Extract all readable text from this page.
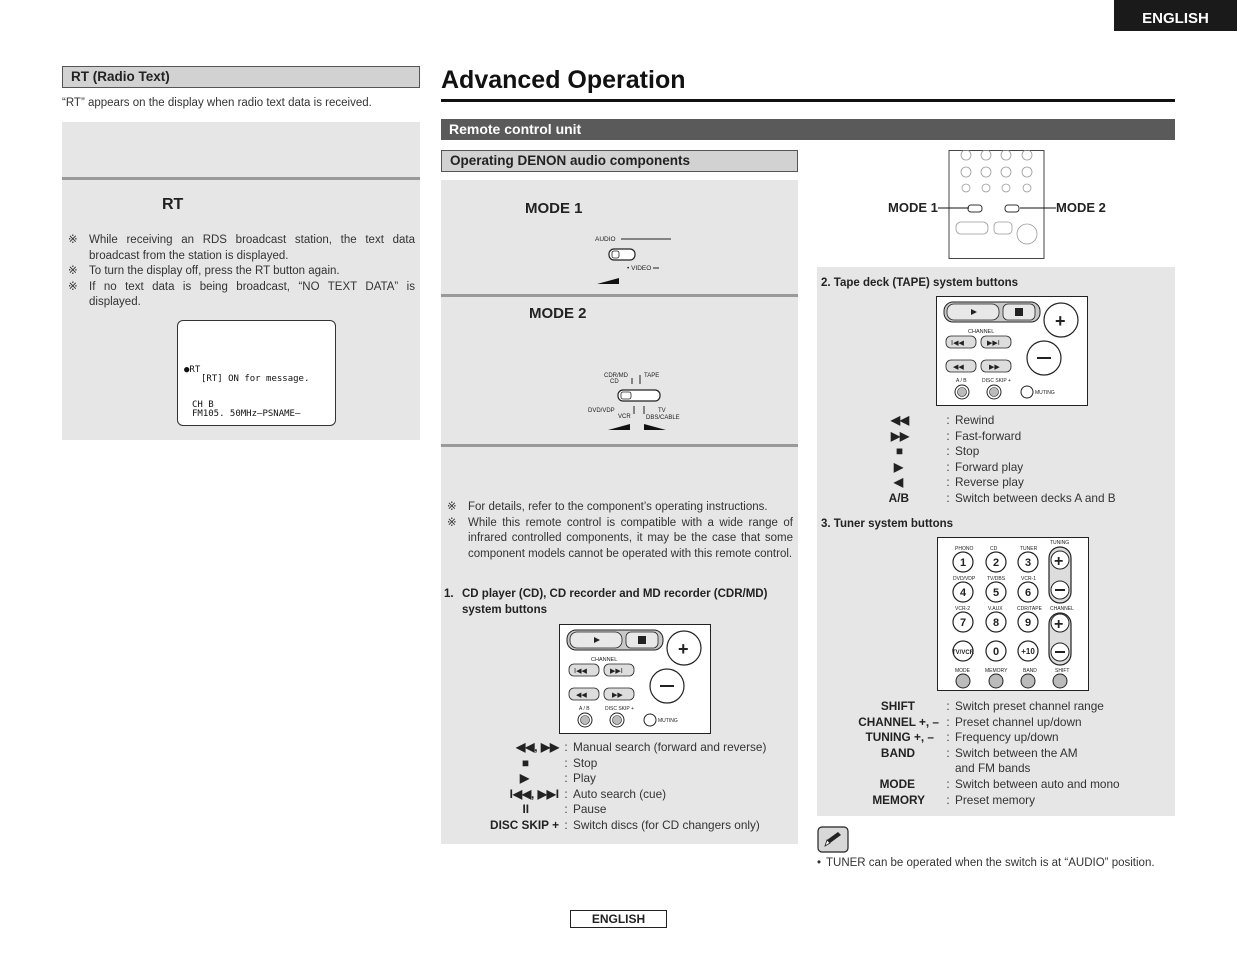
ENGLISH
RT (Radio Text)
“RT” appears on the display when radio text data is received.
RT
※ While receiving an RDS broadcast station, the text data broadcast from the station is displayed.
※ To turn the display off, press the RT button again.
※ If no text data is being broadcast, “NO TEXT DATA” is displayed.
●RT
[RT] ON for message.
CH B
FM105. 50MHz—PSNAME—
Advanced Operation
Remote control unit
Operating DENON audio components
MODE 1
AUDIO
• VIDEO
MODE 2
CDR/MD
CD
TAPE
DVD/VDP
VCR
TV
DBS/CABLE
※ For details, refer to the component’s operating instructions.
※ While this remote control is compatible with a wide range of infrared controlled components, it may be the case that some component models cannot be operated with this remote control.
1. CD player (CD), CD recorder and MD recorder (CDR/MD) system buttons
+
CHANNEL
I◀◀	▶▶I
◀◀	▶▶
A / B	DISC SKIP +
MUTING
◀◀, ▶▶ : Manual search (forward and reverse)
■	: Stop
▶	: Play
I◀◀, ▶▶I : Auto search (cue)
II	: Pause
DISC SKIP + : Switch discs (for CD changers only)
MODE 1	MODE 2
2. Tape deck (TAPE) system buttons
+
CHANNEL
I◀◀	▶▶I
◀◀	▶▶
A / B	DISC SKIP +
MUTING
◀◀	: Rewind
▶▶	: Fast-forward
■	: Stop
▶	: Forward play
◀	: Reverse play
A/B	: Switch between decks A and B
3. Tuner system buttons
PHONO	CD	TUNER
TUNING
DVD/VDP TV/DBS	VCR-1
VCR-2	V.AUX	CDR/TAPE CHANNEL
MODE	MEMORY	BAND	SHIFT
1 2 3
4 5 6
7 8 9
TV/VCR 0	+10
+
+
SHIFT	: Switch preset channel range
CHANNEL +, – : Preset channel up/down
TUNING +, –	: Frequency up/down
BAND	: Switch between the AM
and FM bands
MODE	: Switch between auto and mono
MEMORY	: Preset memory
• TUNER can be operated when the switch is at “AUDIO” position.
ENGLISH
